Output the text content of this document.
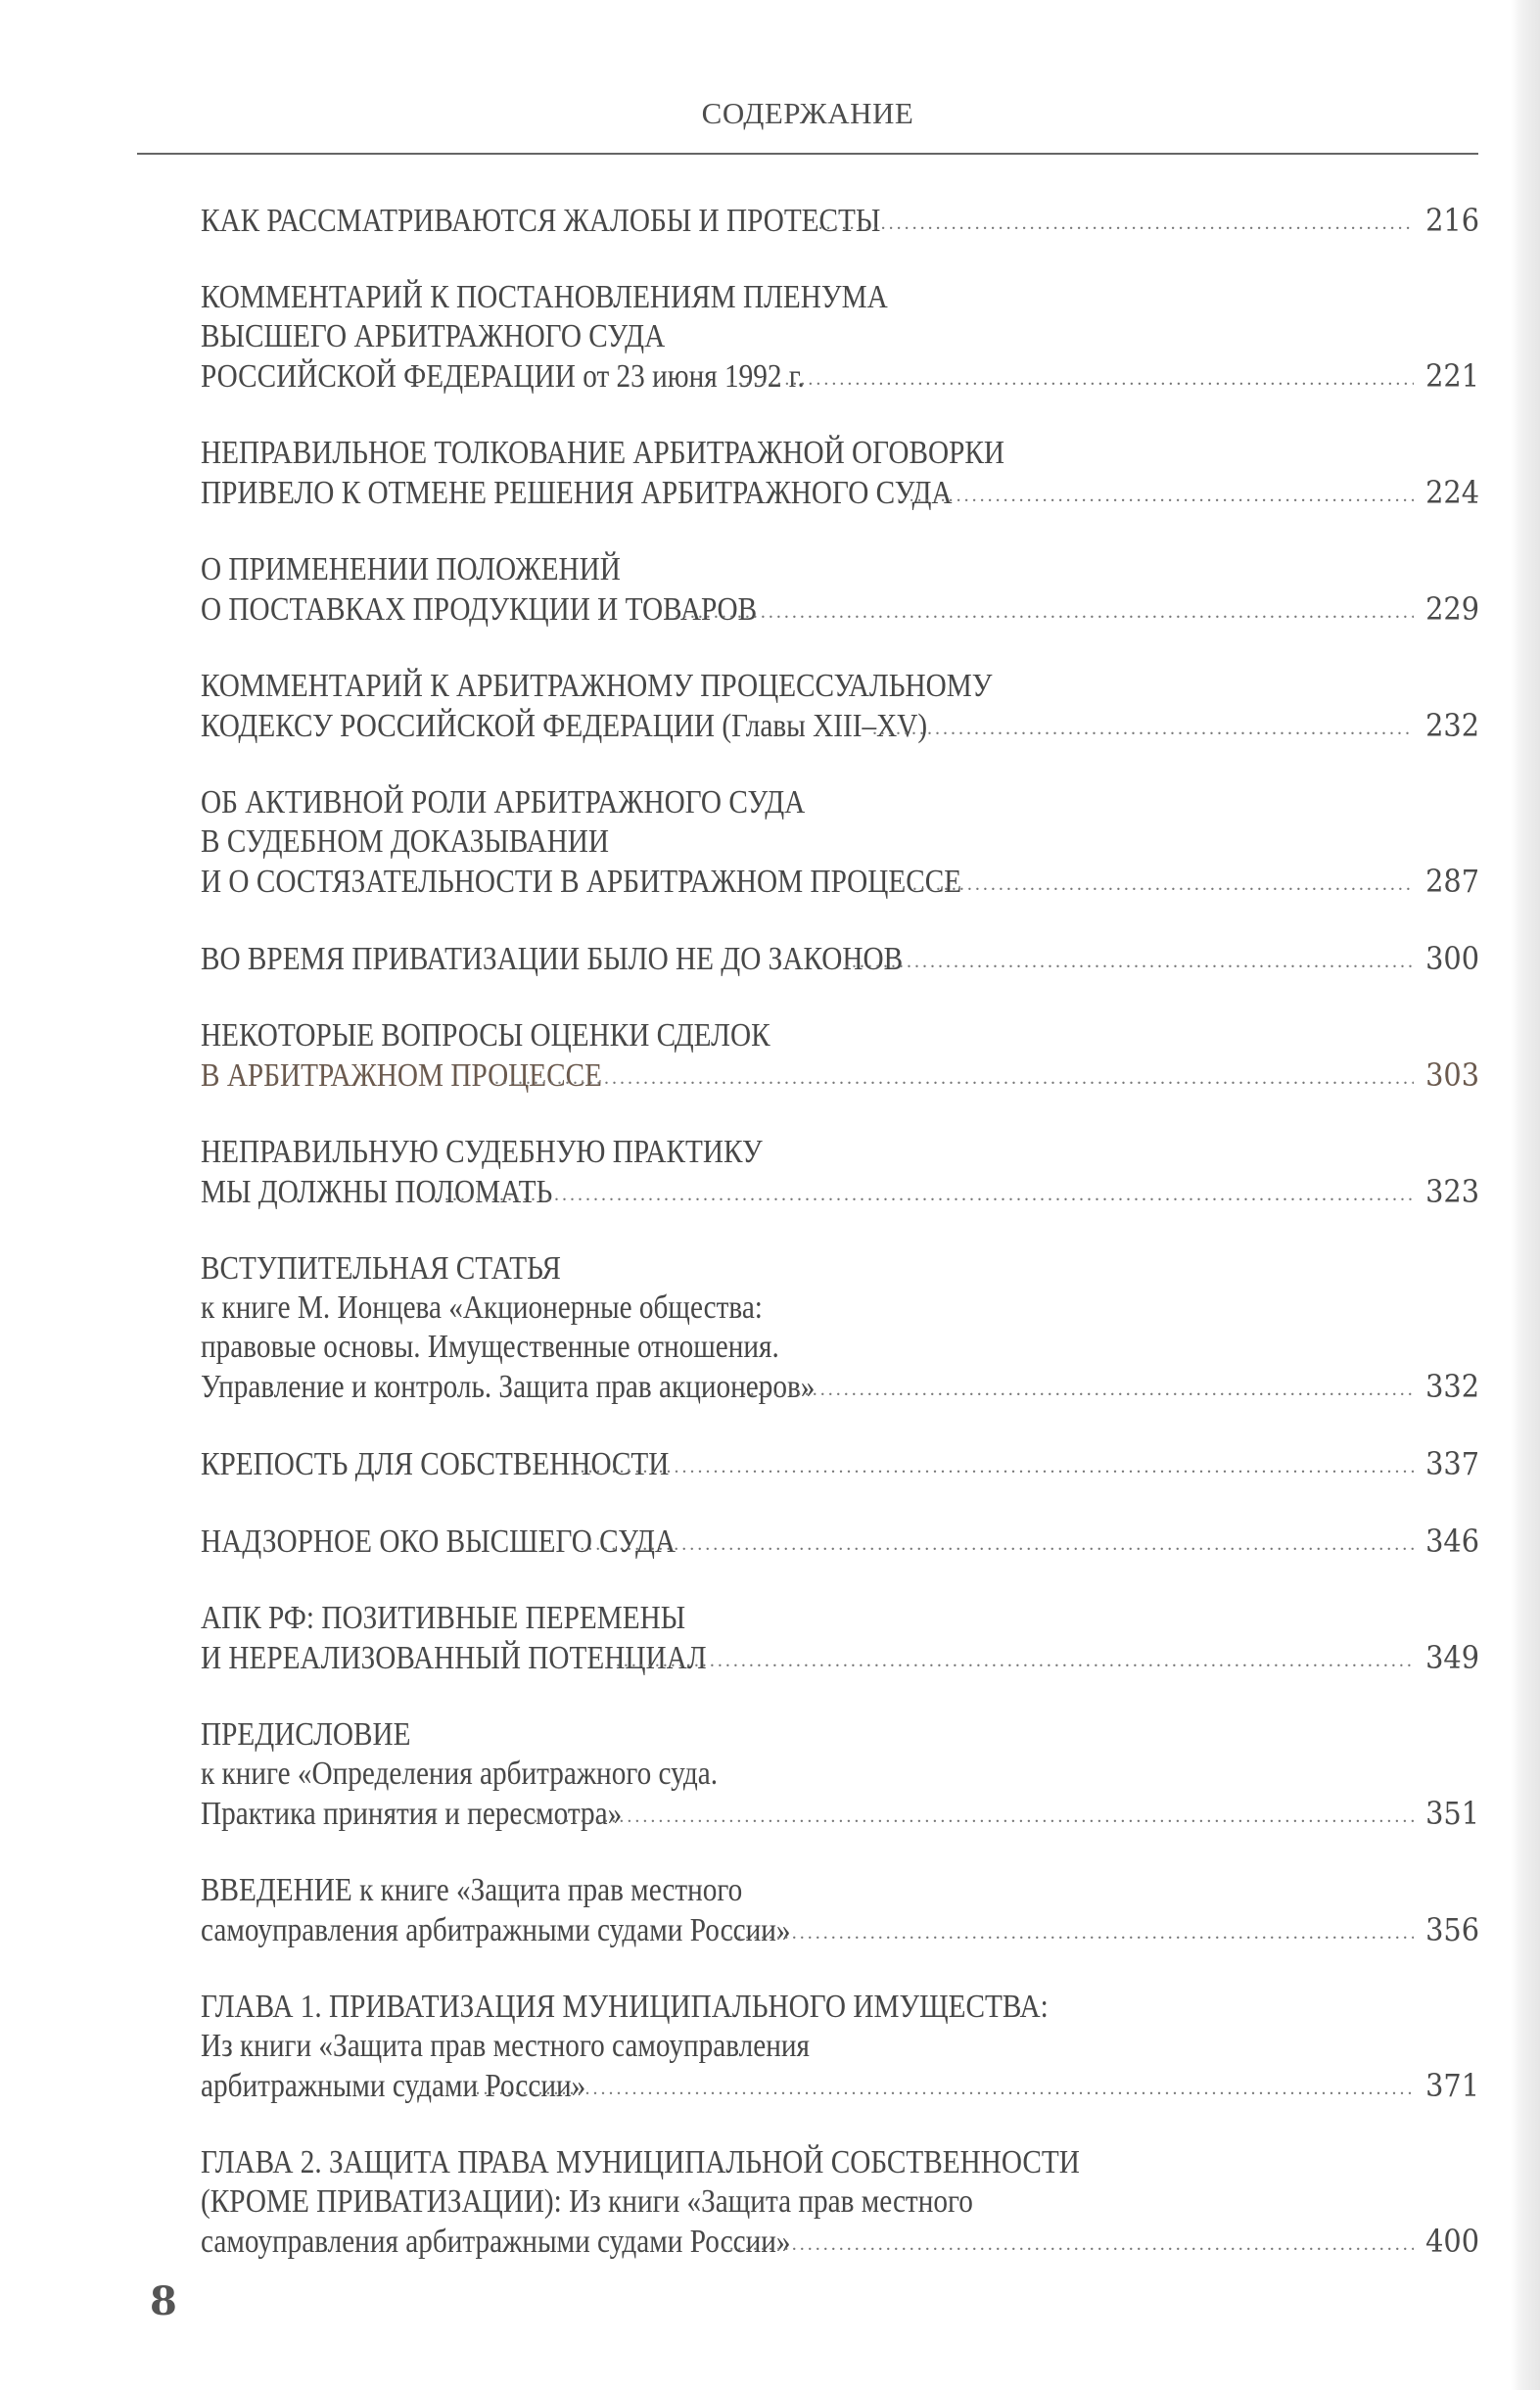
СОДЕРЖАНИЕ
КАК РАССМАТРИВАЮТСЯ ЖАЛОБЫ И ПРОТЕСТЫ .....	216
КОММЕНТАРИЙ К ПОСТАНОВЛЕНИЯМ ПЛЕНУМА
ВЫСШЕГО АРБИТРАЖНОГО СУДА
РОССИЙСКОЙ ФЕДЕРАЦИИ от 23 июня 1992 г. .....	221
НЕПРАВИЛЬНОЕ ТОЛКОВАНИЕ АРБИТРАЖНОЙ ОГОВОРКИ
ПРИВЕЛО К ОТМЕНЕ РЕШЕНИЯ АРБИТРАЖНОГО СУДА .....	224
О ПРИМЕНЕНИИ ПОЛОЖЕНИЙ
О ПОСТАВКАХ ПРОДУКЦИИ И ТОВАРОВ .....	229
КОММЕНТАРИЙ К АРБИТРАЖНОМУ ПРОЦЕССУАЛЬНОМУ
КОДЕКСУ РОССИЙСКОЙ ФЕДЕРАЦИИ (Главы XIII–XV) .....	232
ОБ АКТИВНОЙ РОЛИ АРБИТРАЖНОГО СУДА
В СУДЕБНОМ ДОКАЗЫВАНИИ
И О СОСТЯЗАТЕЛЬНОСТИ В АРБИТРАЖНОМ ПРОЦЕССЕ .....	287
ВО ВРЕМЯ ПРИВАТИЗАЦИИ БЫЛО НЕ ДО ЗАКОНОВ .....	300
НЕКОТОРЫЕ ВОПРОСЫ ОЦЕНКИ СДЕЛОК
В АРБИТРАЖНОМ ПРОЦЕССЕ .....	303
НЕПРАВИЛЬНУЮ СУДЕБНУЮ ПРАКТИКУ
МЫ ДОЛЖНЫ ПОЛОМАТЬ .....	323
ВСТУПИТЕЛЬНАЯ СТАТЬЯ
к книге М. Ионцева «Акционерные общества:
правовые основы. Имущественные отношения.
Управление и контроль. Защита прав акционеров» .....	332
КРЕПОСТЬ ДЛЯ СОБСТВЕННОСТИ .....	337
НАДЗОРНОЕ ОКО ВЫСШЕГО СУДА .....	346
АПК РФ: ПОЗИТИВНЫЕ ПЕРЕМЕНЫ
И НЕРЕАЛИЗОВАННЫЙ ПОТЕНЦИАЛ .....	349
ПРЕДИСЛОВИЕ
к книге «Определения арбитражного суда.
Практика принятия и пересмотра» .....	351
ВВЕДЕНИЕ к книге «Защита прав местного
самоуправления арбитражными судами России» .....	356
ГЛАВА 1. ПРИВАТИЗАЦИЯ МУНИЦИПАЛЬНОГО ИМУЩЕСТВА:
Из книги «Защита прав местного самоуправления
арбитражными судами России» .....	371
ГЛАВА 2. ЗАЩИТА ПРАВА МУНИЦИПАЛЬНОЙ СОБСТВЕННОСТИ
(КРОМЕ ПРИВАТИЗАЦИИ): Из книги «Защита прав местного
самоуправления арбитражными судами России» .....	400
8
